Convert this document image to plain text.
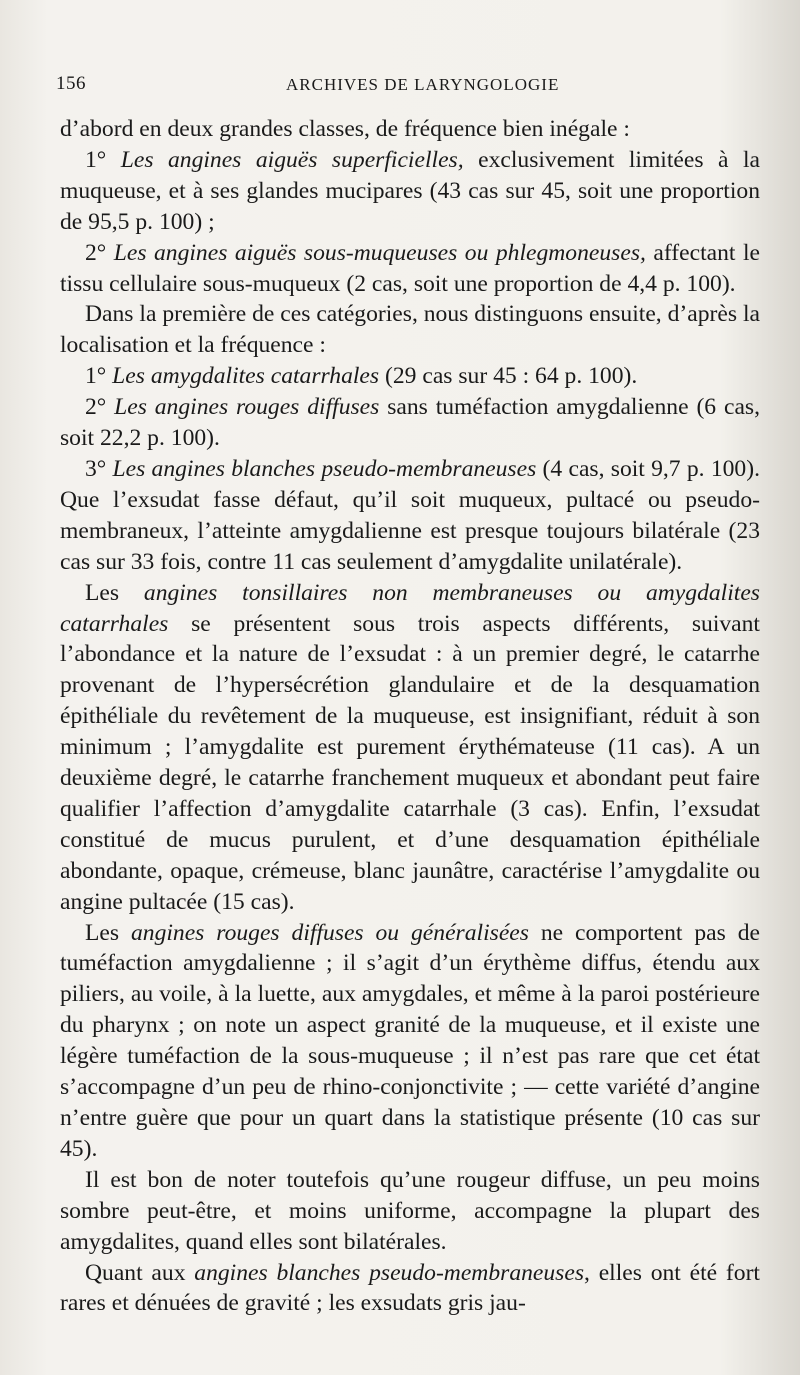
156	ARCHIVES DE LARYNGOLOGIE

d’abord en deux grandes classes, de fréquence bien inégale :

1° Les angines aiguës superficielles, exclusivement limitées à la muqueuse, et à ses glandes mucipares (43 cas sur 45, soit une proportion de 95,5 p. 100) ;

2° Les angines aiguës sous-muqueuses ou phlegmoneuses, affectant le tissu cellulaire sous-muqueux (2 cas, soit une proportion de 4,4 p. 100).

Dans la première de ces catégories, nous distinguons ensuite, d’après la localisation et la fréquence :

1° Les amygdalites catarrhales (29 cas sur 45 : 64 p. 100).

2° Les angines rouges diffuses sans tuméfaction amygdalienne (6 cas, soit 22,2 p. 100).

3° Les angines blanches pseudo-membraneuses (4 cas, soit 9,7 p. 100). Que l’exsudat fasse défaut, qu’il soit muqueux, pultacé ou pseudo-membraneux, l’atteinte amygdalienne est presque toujours bilatérale (23 cas sur 33 fois, contre 11 cas seulement d’amygdalite unilatérale).

Les angines tonsillaires non membraneuses ou amygdalites catarrhales se présentent sous trois aspects différents, suivant l’abondance et la nature de l’exsudat : à un premier degré, le catarrhe provenant de l’hypersécrétion glandulaire et de la desquamation épithéliale du revêtement de la muqueuse, est insignifiant, réduit à son minimum ; l’amygdalite est purement érythémateuse (11 cas). A un deuxième degré, le catarrhe franchement muqueux et abondant peut faire qualifier l’affection d’amygdalite catarrhale (3 cas). Enfin, l’exsudat constitué de mucus purulent, et d’une desquamation épithéliale abondante, opaque, crémeuse, blanc jaunâtre, caractérise l’amygdalite ou angine pultacée (15 cas).

Les angines rouges diffuses ou généralisées ne comportent pas de tuméfaction amygdalienne ; il s’agit d’un érythème diffus, étendu aux piliers, au voile, à la luette, aux amygdales, et même à la paroi postérieure du pharynx ; on note un aspect granité de la muqueuse, et il existe une légère tuméfaction de la sous-muqueuse ; il n’est pas rare que cet état s’accompagne d’un peu de rhino-conjonctivite ; — cette variété d’angine n’entre guère que pour un quart dans la statistique présente (10 cas sur 45).

Il est bon de noter toutefois qu’une rougeur diffuse, un peu moins sombre peut-être, et moins uniforme, accompagne la plupart des amygdalites, quand elles sont bilatérales.

Quant aux angines blanches pseudo-membraneuses, elles ont été fort rares et dénuées de gravité ; les exsudats gris jau-
